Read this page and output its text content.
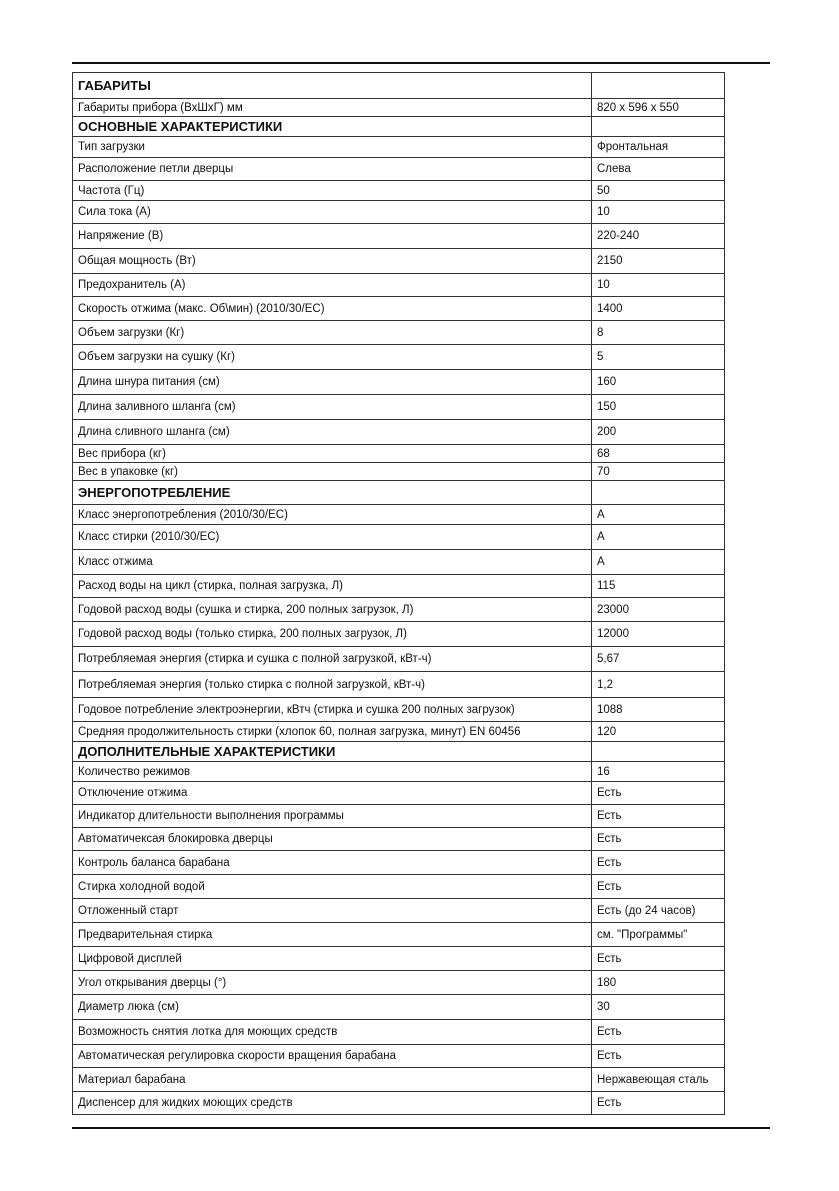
ГАБАРИТЫ	
Габариты прибора (ВхШхГ) мм	820 x 596 x 550
ОСНОВНЫЕ ХАРАКТЕРИСТИКИ	
Тип загрузки	Фронтальная
Расположение петли дверцы	Слева
Частота (Гц)	50
Сила тока (А)	10
Напряжение (В)	220-240
Общая мощность (Вт)	2150
Предохранитель (А)	10
Скорость отжима (макс. Об\мин) (2010/30/ЕС)	1400
Объем загрузки (Кг)	8
Объем загрузки на сушку (Кг)	5
Длина шнура питания (см)	160
Длина заливного шланга (см)	150
Длина сливного шланга (см)	200
Вес прибора (кг)	68
Вес в упаковке (кг)	70
ЭНЕРГОПОТРЕБЛЕНИЕ	
Класс энергопотребления (2010/30/ЕС)	A
Класс стирки (2010/30/ЕС)	A
Класс отжима	A
Расход воды на цикл (стирка, полная загрузка, Л)	115
Годовой расход воды (сушка и стирка, 200 полных загрузок, Л)	23000
Годовой расход воды (только стирка, 200 полных загрузок, Л)	12000
Потребляемая энергия (стирка и сушка с полной загрузкой, кВт-ч)	5,67
Потребляемая энергия (только стирка с полной загрузкой, кВт-ч)	1,2
Годовое потребление электроэнергии, кВтч (стирка и сушка 200 полных загрузок)	1088
Средняя продолжительность стирки (хлопок 60, полная загрузка, минут) EN 60456	120
ДОПОЛНИТЕЛЬНЫЕ ХАРАКТЕРИСТИКИ	
Количество режимов	16
Отключение отжима	Есть
Индикатор длительности выполнения программы	Есть
Автоматичексая блокировка дверцы	Есть
Контроль баланса барабана	Есть
Стирка холодной водой	Есть
Отложенный старт	Есть (до 24 часов)
Предварительная стирка	см. "Программы"
Цифровой дисплей	Есть
Угол открывания дверцы (°)	180
Диаметр люка (см)	30
Возможность снятия лотка для моющих средств	Есть
Автоматическая регулировка скорости вращения барабана	Есть
Материал барабана	Нержавеющая сталь
Диспенсер для жидких моющих средств	Есть
